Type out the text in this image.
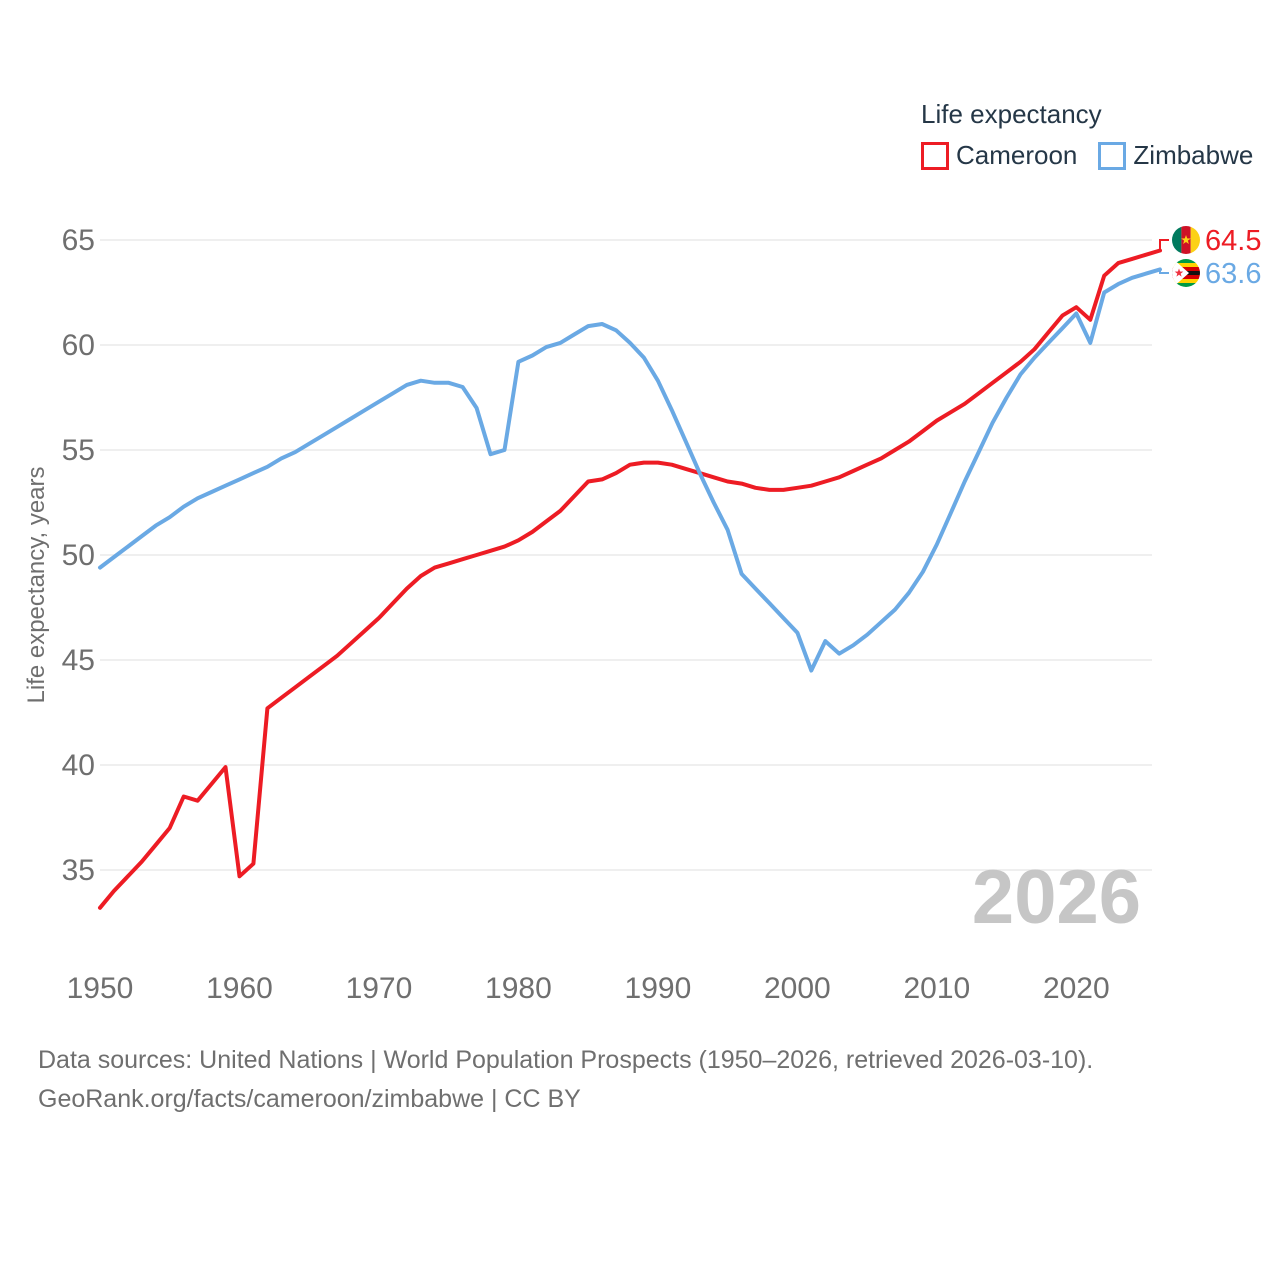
2026
35
40
45
50
55
60
65
1950 1960 1970 1980 1990 2000 2010 2020
Life expectancy, years
64.5
63.6
Life expectancy
Cameroon Zimbabwe
Data sources: United Nations | World Population Prospects (1950–2026, retrieved 2026-03-10).
GeoRank.org/facts/cameroon/zimbabwe | CC BY
